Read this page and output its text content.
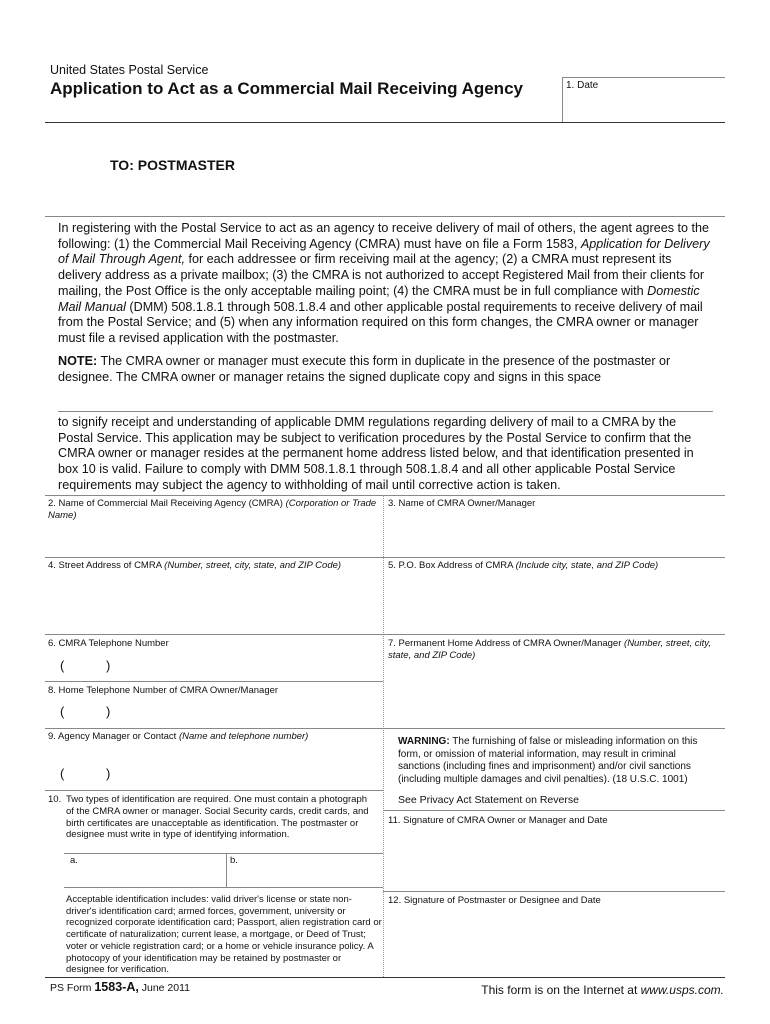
United States Postal Service
Application to Act as a Commercial Mail Receiving Agency	1. Date
TO: POSTMASTER
In registering with the Postal Service to act as an agency to receive delivery of mail of others, the agent agrees to the following: (1) the Commercial Mail Receiving Agency (CMRA) must have on file a Form 1583, Application for Delivery of Mail Through Agent, for each addressee or firm receiving mail at the agency; (2) a CMRA must represent its delivery address as a private mailbox; (3) the CMRA is not authorized to accept Registered Mail from their clients for mailing, the Post Office is the only acceptable mailing point; (4) the CMRA must be in full compliance with Domestic Mail Manual (DMM) 508.1.8.1 through 508.1.8.4 and other applicable postal requirements to receive delivery of mail from the Postal Service; and (5) when any information required on this form changes, the CMRA owner or manager must file a revised application with the postmaster.
NOTE: The CMRA owner or manager must execute this form in duplicate in the presence of the postmaster or designee. The CMRA owner or manager retains the signed duplicate copy and signs in this space
to signify receipt and understanding of applicable DMM regulations regarding delivery of mail to a CMRA by the Postal Service. This application may be subject to verification procedures by the Postal Service to confirm that the CMRA owner or manager resides at the permanent home address listed below, and that identification presented in box 10 is valid. Failure to comply with DMM 508.1.8.1 through 508.1.8.4 and all other applicable Postal Service requirements may subject the agency to withholding of mail until corrective action is taken.
2. Name of Commercial Mail Receiving Agency (CMRA) (Corporation or Trade Name)
3. Name of CMRA Owner/Manager
4. Street Address of CMRA (Number, street, city, state, and ZIP Code)	5. P.O. Box Address of CMRA (Include city, state, and ZIP Code)
6. CMRA Telephone Number
(	)
7. Permanent Home Address of CMRA Owner/Manager (Number, street, city, state, and ZIP Code)
8. Home Telephone Number of CMRA Owner/Manager
(	)
9. Agency Manager or Contact (Name and telephone number)
(	)
WARNING: The furnishing of false or misleading information on this form, or omission of material information, may result in criminal sanctions (including fines and imprisonment) and/or civil sanctions (including multiple damages and civil penalties). (18 U.S.C. 1001)
See Privacy Act Statement on Reverse
10. Two types of identification are required. One must contain a photograph of the CMRA owner or manager. Social Security cards, credit cards, and birth certificates are unacceptable as identification. The postmaster or designee must write in type of identifying information.
a.	b.
Acceptable identification includes: valid driver's license or state non-driver's identification card; armed forces, government, university or recognized corporate identification card; Passport, alien registration card or certificate of naturalization; current lease, a mortgage, or Deed of Trust; voter or vehicle registration card; or a home or vehicle insurance policy. A photocopy of your identification may be retained by postmaster or designee for verification.
11. Signature of CMRA Owner or Manager and Date
12. Signature of Postmaster or Designee and Date
PS Form 1583-A, June 2011	This form is on the Internet at www.usps.com.
